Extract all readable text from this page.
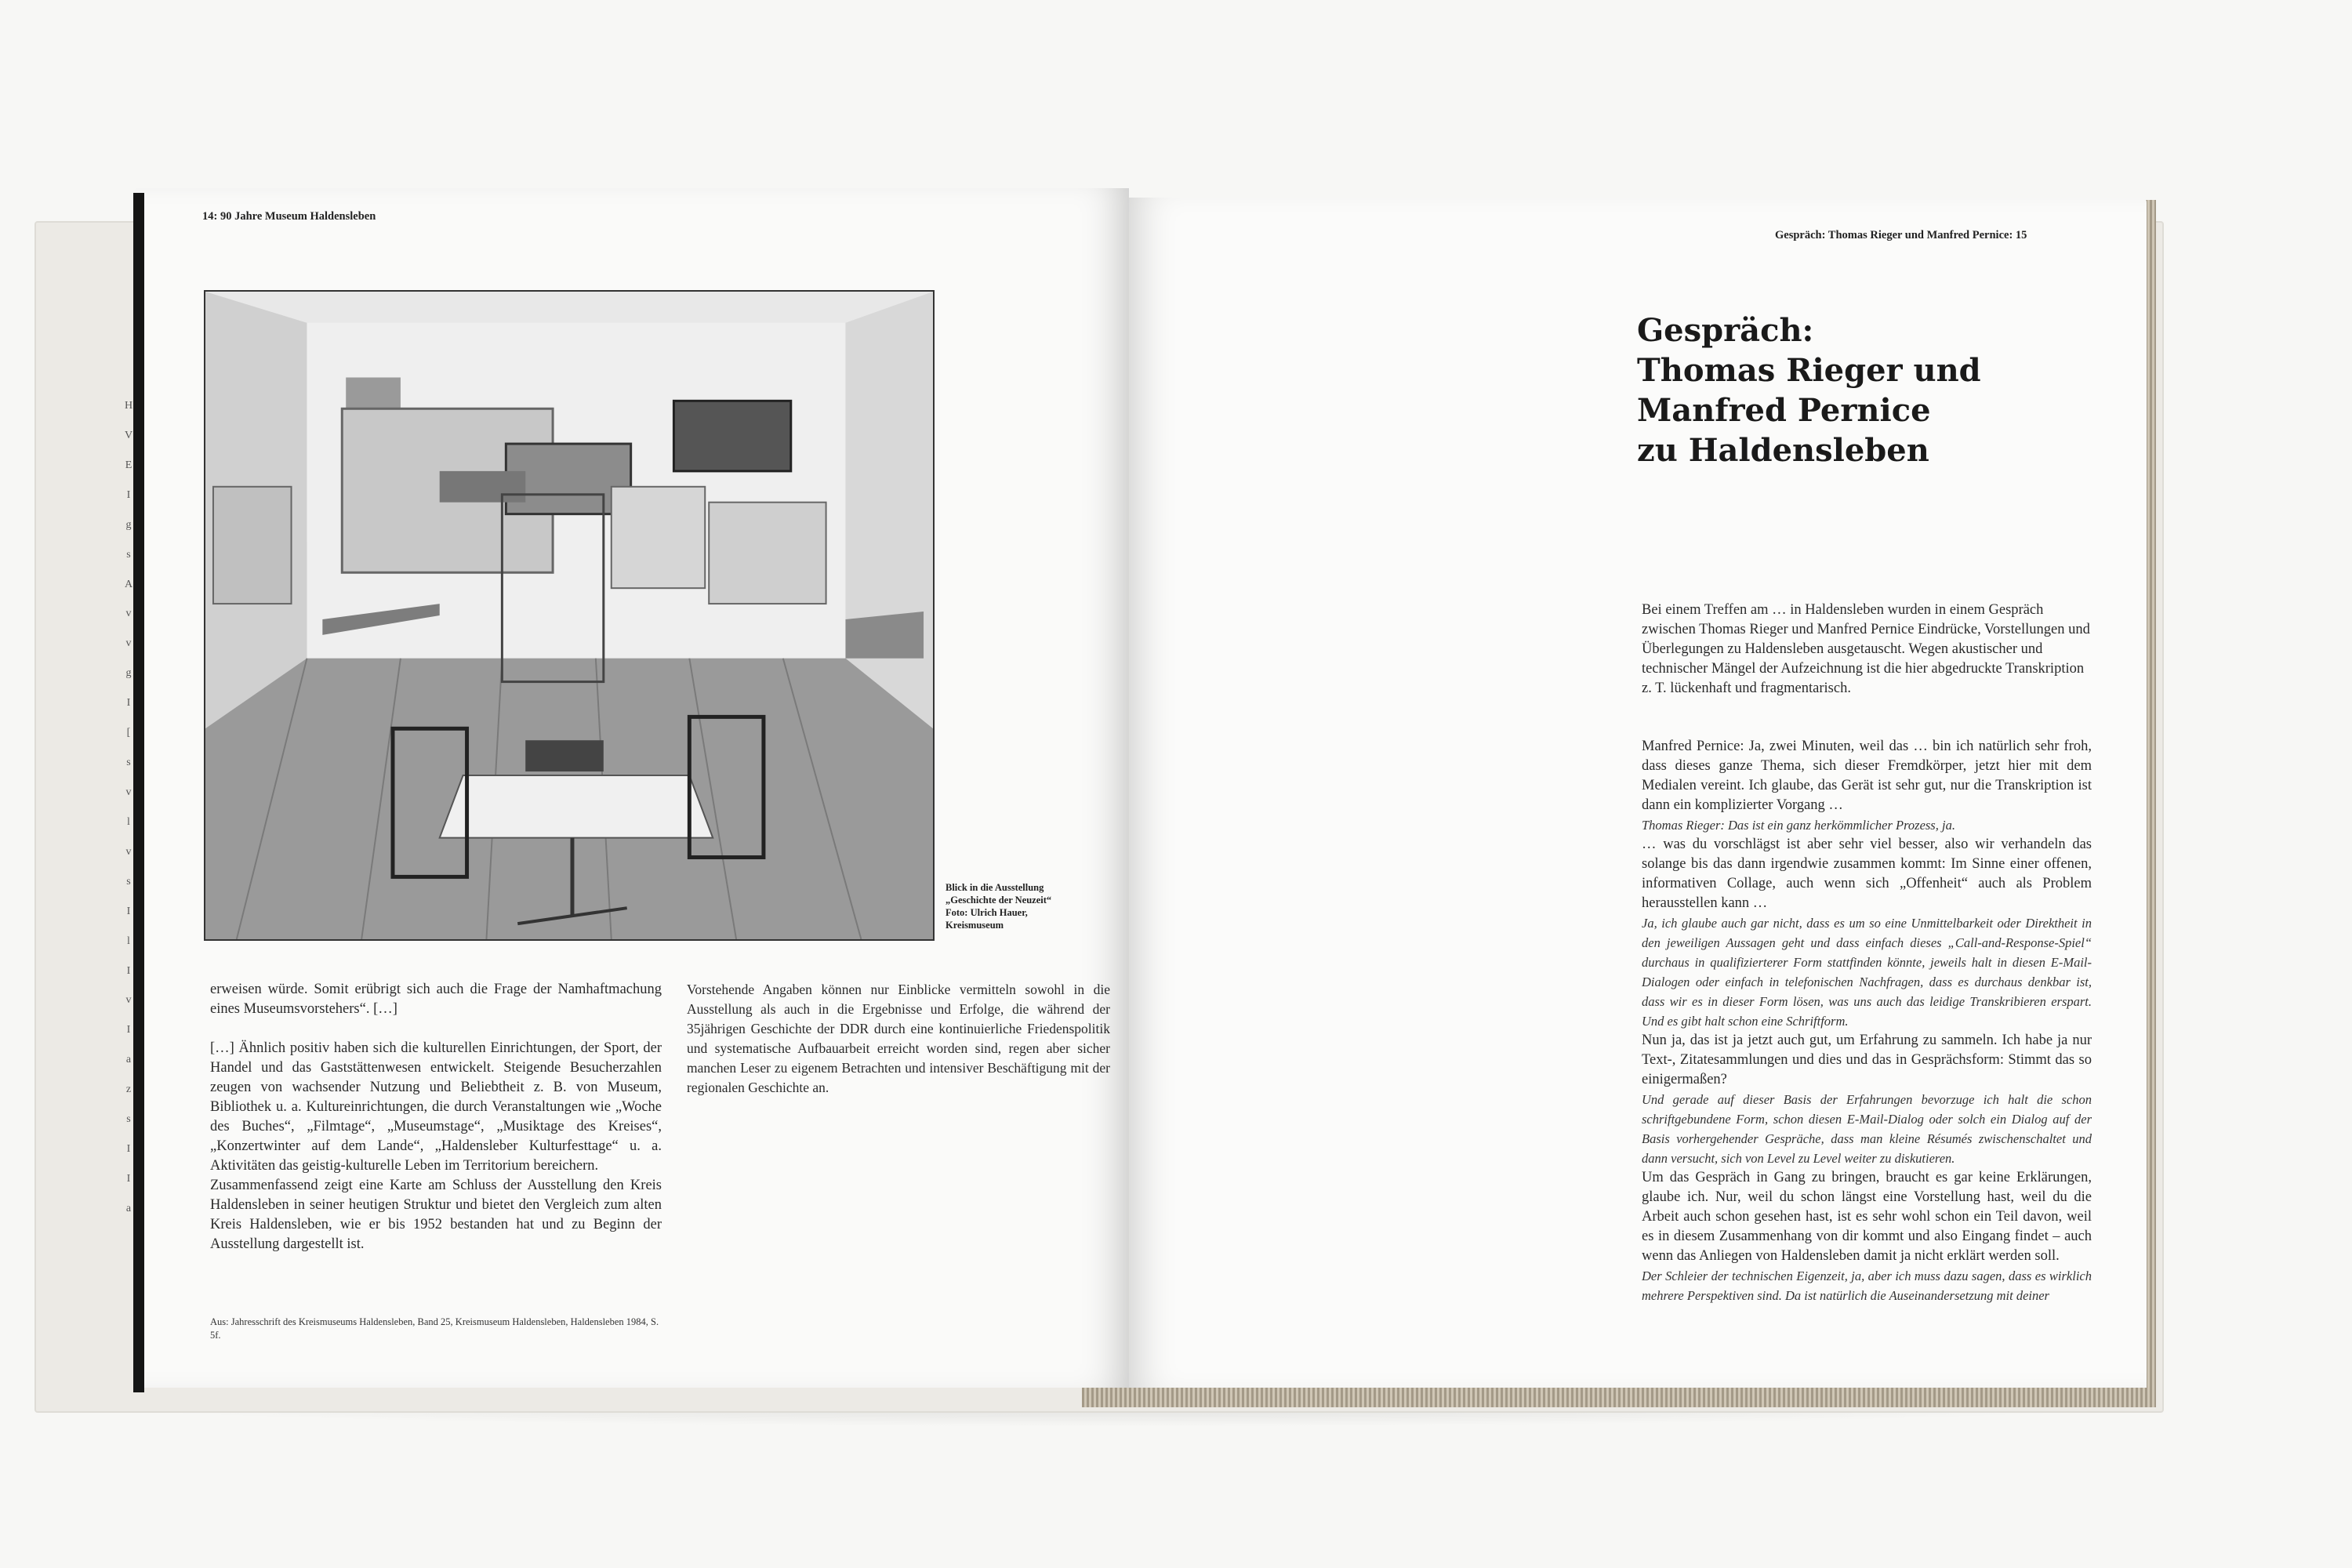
H
V
E
I
g
s
A
v
v
g
I
[
s
v
l
v
s
I
l
I
v
I
a
z
s
I
I
a
14: 90 Jahre Museum Haldensleben
Blick in die Ausstellung
„Geschichte der Neuzeit“
Foto: Ulrich Hauer,
Kreismuseum

erweisen würde. Somit erübrigt sich auch die Frage der Namhaftmachung eines Museumsvorstehers“. […]

[…] Ähnlich positiv haben sich die kulturellen Einrichtungen, der Sport, der Handel und das Gaststättenwesen entwickelt. Steigende Besucherzahlen zeugen von wachsender Nutzung und Beliebtheit z. B. von Museum, Bibliothek u. a. Kultureinrichtungen, die durch Veranstaltungen wie „Woche des Buches“, „Filmtage“, „Museumstage“, „Musiktage des Kreises“, „Konzertwinter auf dem Lande“, „Haldensleber Kulturfesttage“ u. a. Aktivitäten das geistig-kulturelle Leben im Territorium bereichern.

Zusammenfassend zeigt eine Karte am Schluss der Ausstellung den Kreis Haldensleben in seiner heutigen Struktur und bietet den Vergleich zum alten Kreis Haldensleben, wie er bis 1952 bestanden hat und zu Beginn der Ausstellung dargestellt ist.

Vorstehende Angaben können nur Einblicke vermitteln sowohl in die Ausstellung als auch in die Ergebnisse und Erfolge, die während der 35jährigen Geschichte der DDR durch eine kontinuierliche Friedenspolitik und systematische Aufbauarbeit erreicht worden sind, regen aber sicher manchen Leser zu eigenem Betrachten und intensiver Beschäftigung mit der regionalen Geschichte an.

Aus: Jahresschrift des Kreismuseums Haldensleben, Band 25, Kreismuseum Haldensleben, Haldensleben 1984, S. 5f.
Gespräch: Thomas Rieger und Manfred Pernice: 15
Gespräch:
Thomas Rieger und
Manfred Pernice
zu Haldensleben
Bei einem Treffen am … in Haldensleben wurden in einem Gespräch zwischen Thomas Rieger und Manfred Pernice Eindrücke, Vorstellungen und Überlegungen zu Haldensleben ausgetauscht. Wegen akustischer und technischer Mängel der Aufzeichnung ist die hier abgedruckte Transkription z. T. lückenhaft und fragmentarisch.

Manfred Pernice: Ja, zwei Minuten, weil das … bin ich natürlich sehr froh, dass dieses ganze Thema, sich dieser Fremdkörper, jetzt hier mit dem Medialen vereint. Ich glaube, das Gerät ist sehr gut, nur die Transkription ist dann ein komplizierter Vorgang …

Thomas Rieger: Das ist ein ganz herkömmlicher Prozess, ja.

… was du vorschlägst ist aber sehr viel besser, also wir verhandeln das solange bis das dann irgendwie zusammen kommt: Im Sinne einer offenen, informativen Collage, auch wenn sich „Offenheit“ auch als Problem herausstellen kann …

Ja, ich glaube auch gar nicht, dass es um so eine Unmittelbarkeit oder Direktheit in den jeweiligen Aussagen geht und dass einfach dieses „Call-and-Response-Spiel“ durchaus in qualifizierterer Form stattfinden könnte, jeweils halt in diesen E-Mail-Dialogen oder einfach in telefonischen Nachfragen, dass es durchaus denkbar ist, dass wir es in dieser Form lösen, was uns auch das leidige Transkribieren erspart. Und es gibt halt schon eine Schriftform.

Nun ja, das ist ja jetzt auch gut, um Erfahrung zu sammeln. Ich habe ja nur Text-, Zitatesammlungen und dies und das in Gesprächsform: Stimmt das so einigermaßen?

Und gerade auf dieser Basis der Erfahrungen bevorzuge ich halt die schon schriftgebundene Form, schon diesen E-Mail-Dialog oder solch ein Dialog auf der Basis vorhergehender Gespräche, dass man kleine Résumés zwischenschaltet und dann versucht, sich von Level zu Level weiter zu diskutieren.

Um das Gespräch in Gang zu bringen, braucht es gar keine Erklärungen, glaube ich. Nur, weil du schon längst eine Vorstellung hast, weil du die Arbeit auch schon gesehen hast, ist es sehr wohl schon ein Teil davon, weil es in diesem Zusammenhang von dir kommt und also Eingang findet – auch wenn das Anliegen von Haldensleben damit ja nicht erklärt werden soll.

Der Schleier der technischen Eigenzeit, ja, aber ich muss dazu sagen, dass es wirklich mehrere Perspektiven sind. Da ist natürlich die Auseinandersetzung mit deiner
